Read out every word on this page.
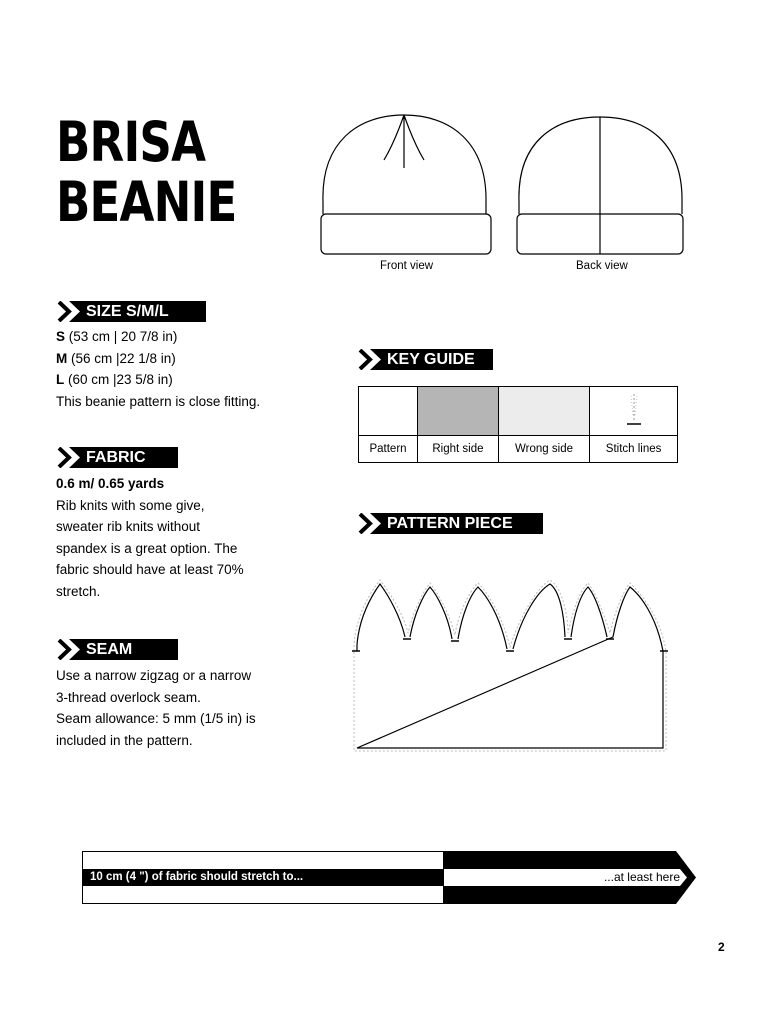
BRISA
BEANIE
Front view	Back view
SIZE S/M/L

S (53 cm | 20 7/8 in)

M (56 cm |22 1/8 in)

L (60 cm |23 5/8 in)

This beanie pattern is close fitting.

FABRIC

0.6 m/ 0.65 yards

Rib knits with some give,

sweater rib knits without

spandex is a great option. The

fabric should have at least 70%

stretch.

SEAM

Use a narrow zigzag or a narrow

3-thread overlock seam.

Seam allowance: 5 mm (1/5 in) is

included in the pattern.

KEY GUIDE

Pattern	Right side	Wrong side	Stitch lines
PATTERN PIECE
10 cm (4 ") of fabric should stretch to...	...at least here
2
